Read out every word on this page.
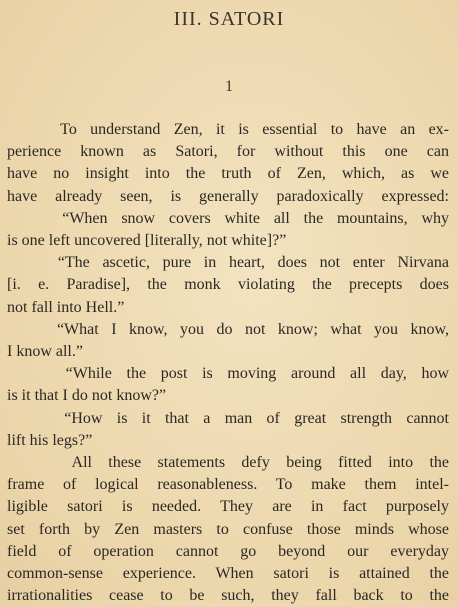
III. SATORI
1
To understand Zen, it is essential to have an ex-
perience known as Satori, for without this one can
have no insight into the truth of Zen, which, as we
have already seen, is generally paradoxically expressed:
“When snow covers white all the mountains, why
is one left uncovered [literally, not white]?”
“The ascetic, pure in heart, does not enter Nirvana
[i. e. Paradise], the monk violating the precepts does
not fall into Hell.”
“What I know, you do not know; what you know,
I know all.”
“While the post is moving around all day, how
is it that I do not know?”
“How is it that a man of great strength cannot
lift his legs?”
All these statements defy being fitted into the
frame of logical reasonableness. To make them intel-
ligible satori is needed. They are in fact purposely
set forth by Zen masters to confuse those minds whose
field of operation cannot go beyond our everyday
common-sense experience. When satori is attained the
irrationalities cease to be such, they fall back to the
